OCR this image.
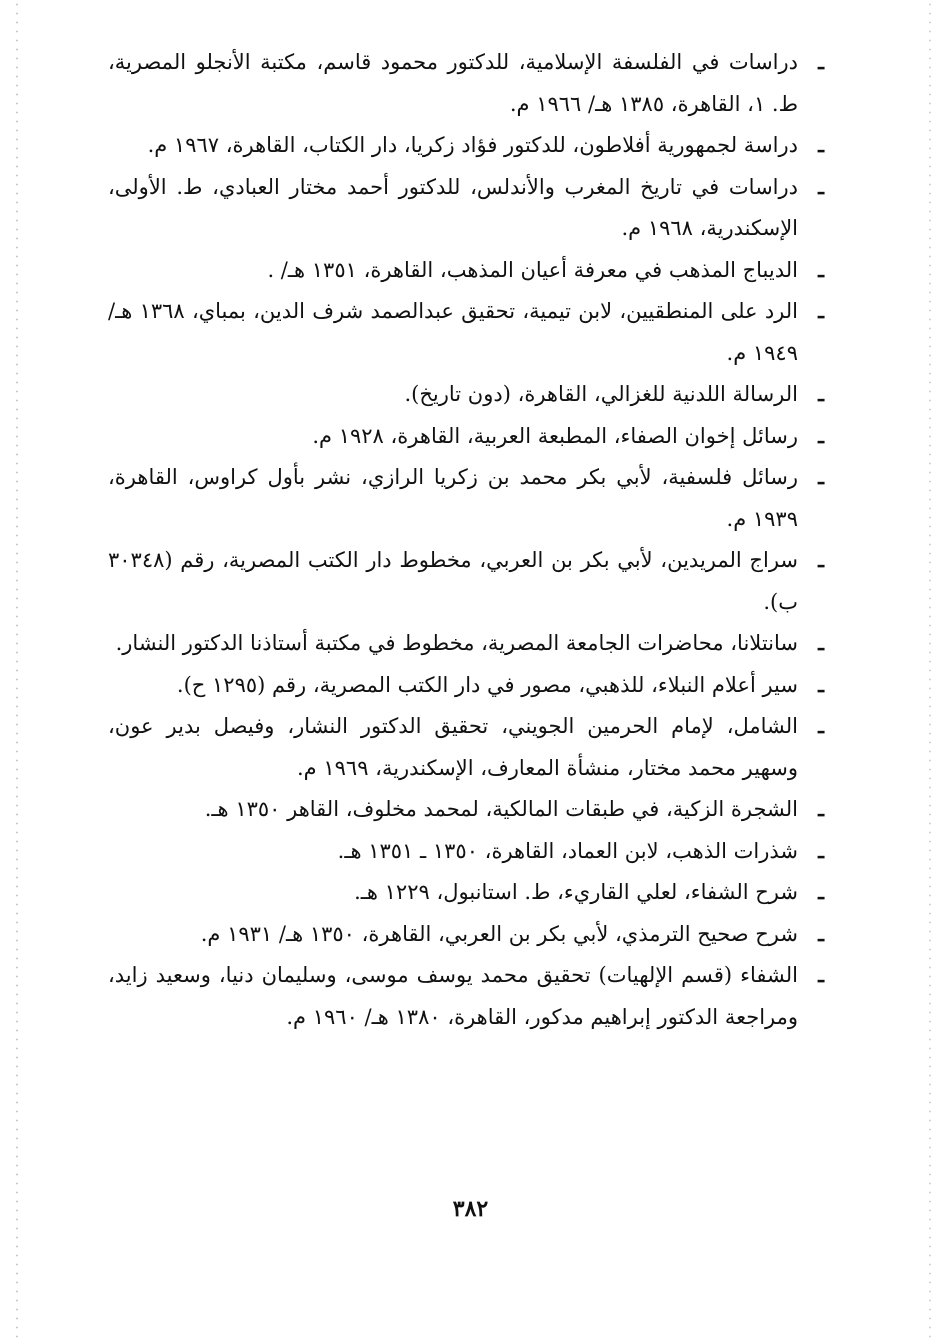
ـ
دراسات في الفلسفة الإسلامية، للدكتور محمود قاسم، مكتبة الأنجلو المصرية، ط. ١، القاهرة، ١٣٨٥ هـ/ ١٩٦٦ م.
ـ
دراسة لجمهورية أفلاطون، للدكتور فؤاد زكريا، دار الكتاب، القاهرة، ١٩٦٧ م.
ـ
دراسات في تاريخ المغرب والأندلس، للدكتور أحمد مختار العبادي، ط. الأولى، الإسكندرية، ١٩٦٨ م.
ـ
الديباج المذهب في معرفة أعيان المذهب، القاهرة، ١٣٥١ هـ/ .
ـ
الرد على المنطقيين، لابن تيمية، تحقيق عبدالصمد شرف الدين، بمباي، ١٣٦٨ هـ/ ١٩٤٩ م.
ـ
الرسالة اللدنية للغزالي، القاهرة، (دون تاريخ).
ـ
رسائل إخوان الصفاء، المطبعة العربية، القاهرة، ١٩٢٨ م.
ـ
رسائل فلسفية، لأبي بكر محمد بن زكريا الرازي، نشر بأول كراوس، القاهرة، ١٩٣٩ م.
ـ
سراج المريدين، لأبي بكر بن العربي، مخطوط دار الكتب المصرية، رقم (٣٠٣٤٨ ب).
ـ
سانتلانا، محاضرات الجامعة المصرية، مخطوط في مكتبة أستاذنا الدكتور النشار.
ـ
سير أعلام النبلاء، للذهبي، مصور في دار الكتب المصرية، رقم (١٢٩٥ ح).
ـ
الشامل، لإمام الحرمين الجويني، تحقيق الدكتور النشار، وفيصل بدير عون، وسهير محمد مختار، منشأة المعارف، الإسكندرية، ١٩٦٩ م.
ـ
الشجرة الزكية، في طبقات المالكية، لمحمد مخلوف، القاهر ١٣٥٠ هـ.
ـ
شذرات الذهب، لابن العماد، القاهرة، ١٣٥٠ ـ ١٣٥١ هـ.
ـ
شرح الشفاء، لعلي القاريء، ط. استانبول، ١٢٢٩ هـ.
ـ
شرح صحيح الترمذي، لأبي بكر بن العربي، القاهرة، ١٣٥٠ هـ/ ١٩٣١ م.
ـ
الشفاء (قسم الإلهيات) تحقيق محمد يوسف موسى، وسليمان دنيا، وسعيد زايد، ومراجعة الدكتور إبراهيم مدكور، القاهرة، ١٣٨٠ هـ/ ١٩٦٠ م.
٣٨٢
